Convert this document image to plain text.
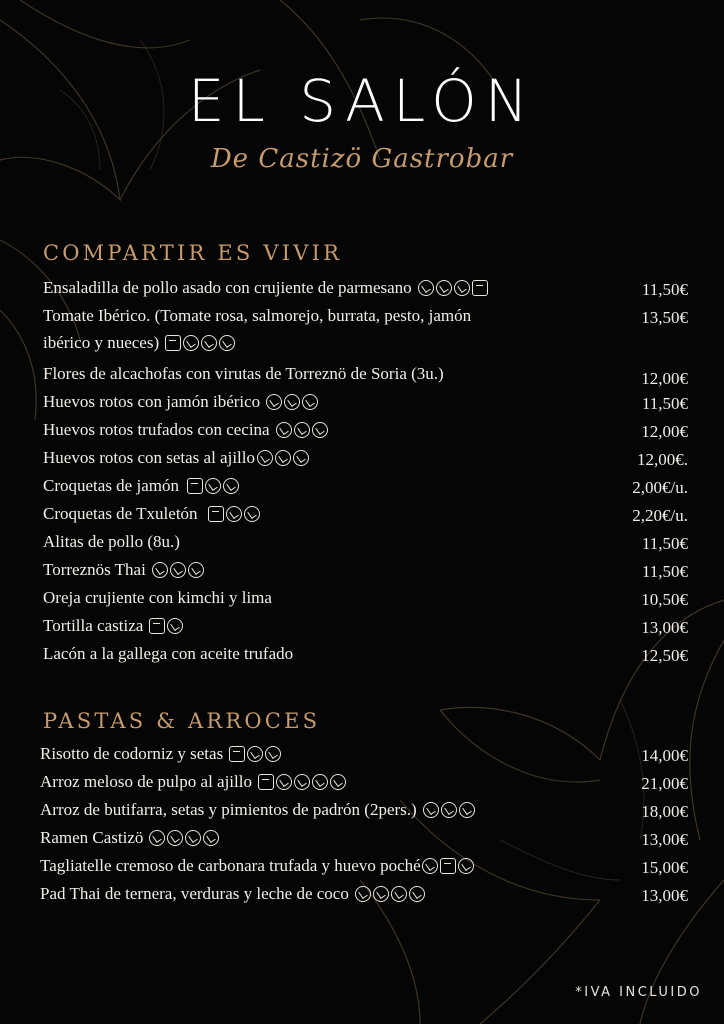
EL SALÓN
De Castizö Gastrobar
COMPARTIR ES VIVIR
Ensaladilla de pollo asado con crujiente de parmesano	11,50€
Tomate Ibérico. (Tomate rosa, salmorejo, burrata, pesto, jamón
ibérico y nueces)
13,50€
Flores de alcachofas con virutas de Torreznö de Soria (3u.)	12,00€
Huevos rotos con jamón ibérico	11,50€
Huevos rotos trufados con cecina	12,00€
Huevos rotos con setas al ajillo	12,00€.
Croquetas de jamón	2,00€/u.
Croquetas de Txuletón	2,20€/u.
Alitas de pollo (8u.)	11,50€
Torreznös Thai	11,50€
Oreja crujiente con kimchi y lima	10,50€
Tortilla castiza	13,00€
Lacón a la gallega con aceite trufado	12,50€
PASTAS & ARROCES
Risotto de codorniz y setas	14,00€
Arroz meloso de pulpo al ajillo	21,00€
Arroz de butifarra, setas y pimientos de padrón (2pers.)	18,00€
Ramen Castizö	13,00€
Tagliatelle cremoso de carbonara trufada y huevo poché	15,00€
Pad Thai de ternera, verduras y leche de coco	13,00€
*IVA INCLUIDO
